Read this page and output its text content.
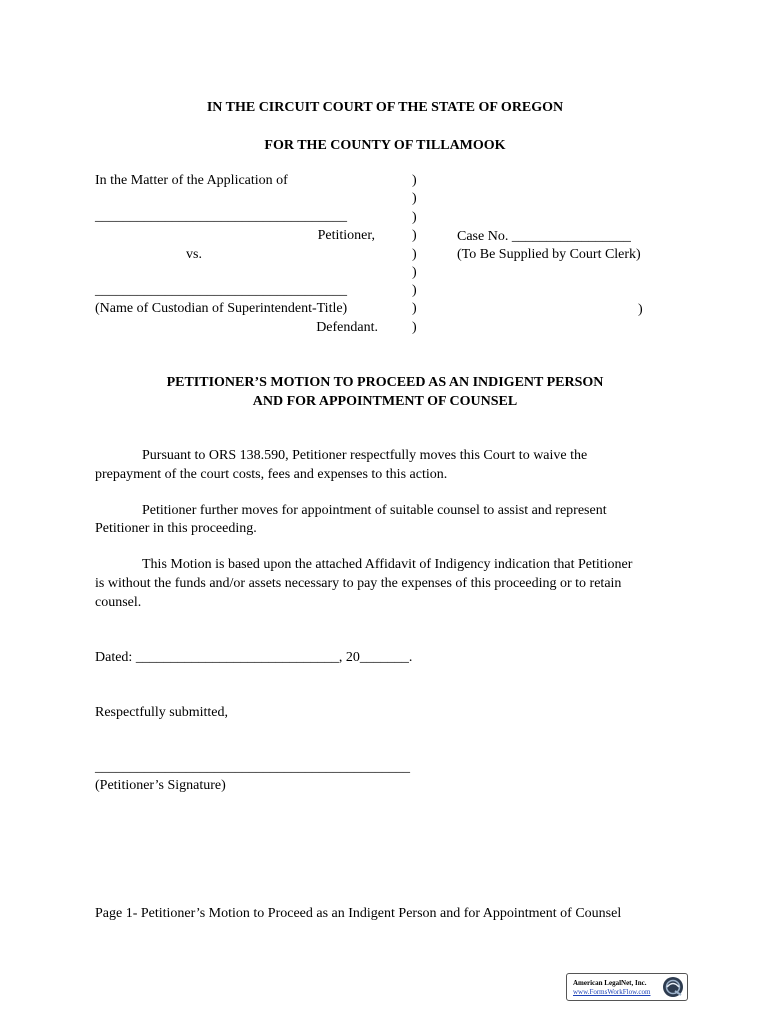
IN THE CIRCUIT COURT OF THE STATE OF OREGON
FOR THE COUNTY OF TILLAMOOK
In the Matter of the Application of
____________________________________
Petitioner,
vs.
____________________________________
(Name of Custodian of Superintendent-Title)
Defendant.
)
)
)
)
)
)
)
)
)
Case No. _________________
(To Be Supplied by Court Clerk)
)
PETITIONER’S MOTION TO PROCEED AS AN INDIGENT PERSON
AND FOR APPOINTMENT OF COUNSEL
Pursuant to ORS 138.590, Petitioner respectfully moves this Court to waive the
prepayment of the court costs, fees and expenses to this action.
Petitioner further moves for appointment of suitable counsel to assist and represent
Petitioner in this proceeding.
This Motion is based upon the attached Affidavit of Indigency indication that Petitioner
is without the funds and/or assets necessary to pay the expenses of this proceeding or to retain
counsel.
Dated: _____________________________, 20_______.
Respectfully submitted,
_____________________________________________
(Petitioner’s Signature)
Page 1- Petitioner’s Motion to Proceed as an Indigent Person and for Appointment of Counsel
American LegalNet, Inc.
www.FormsWorkFlow.com
